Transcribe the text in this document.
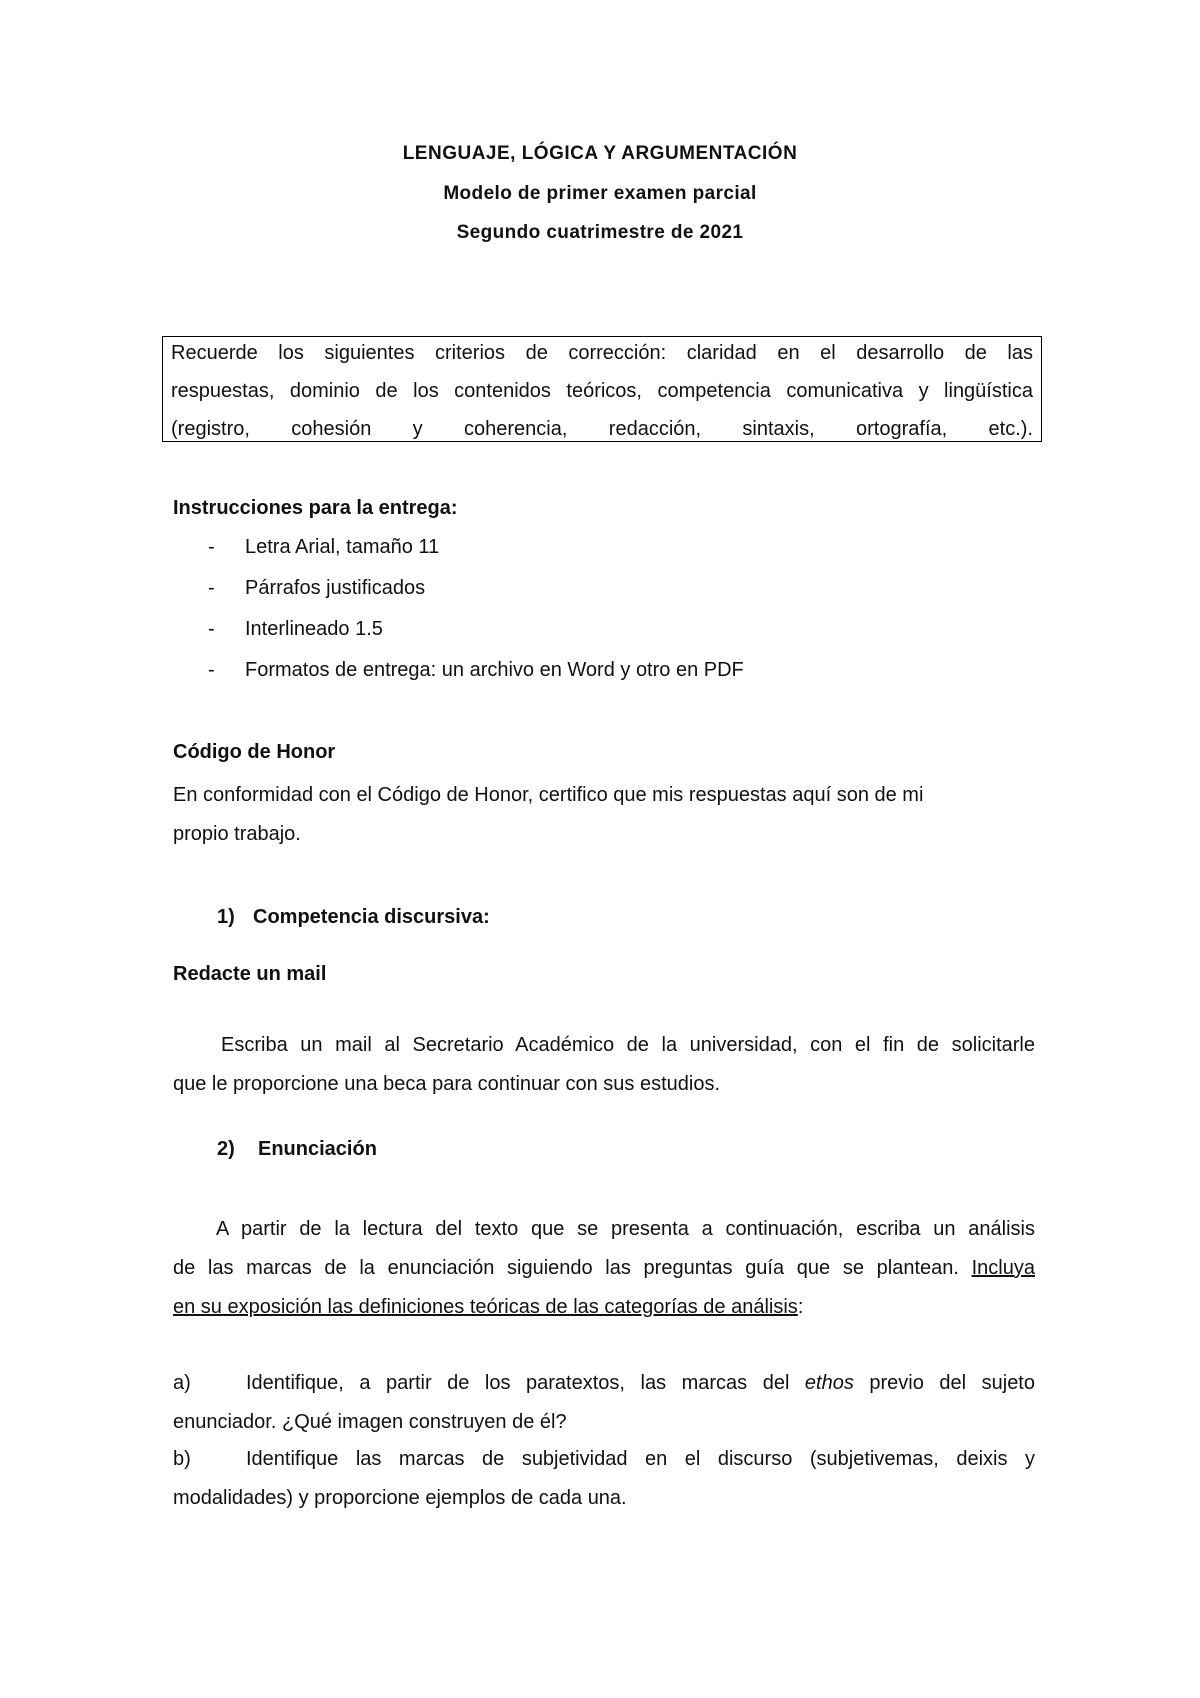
LENGUAJE, LÓGICA Y ARGUMENTACIÓN
Modelo de primer examen parcial
Segundo cuatrimestre de 2021
Recuerde los siguientes criterios de corrección: claridad en el desarrollo de las
respuestas, dominio de los contenidos teóricos, competencia comunicativa y lingüística
(registro, cohesión y coherencia, redacción, sintaxis, ortografía, etc.).
Instrucciones para la entrega:
-	Letra Arial, tamaño 11
-	Párrafos justificados
-	Interlineado 1.5
-	Formatos de entrega: un archivo en Word y otro en PDF
Código de Honor
En conformidad con el Código de Honor, certifico que mis respuestas aquí son de mi
propio trabajo.
1) Competencia discursiva:
Redacte un mail
Escriba un mail al Secretario Académico de la universidad, con el fin de solicitarle
que le proporcione una beca para continuar con sus estudios.
2) Enunciación
A partir de la lectura del texto que se presenta a continuación, escriba un análisis
de las marcas de la enunciación siguiendo las preguntas guía que se plantean. Incluya
en su exposición las definiciones teóricas de las categorías de análisis:
a)	Identifique, a partir de los paratextos, las marcas del ethos previo del sujeto
enunciador. ¿Qué imagen construyen de él?
b)	Identifique las marcas de subjetividad en el discurso (subjetivemas, deixis y
modalidades) y proporcione ejemplos de cada una.
